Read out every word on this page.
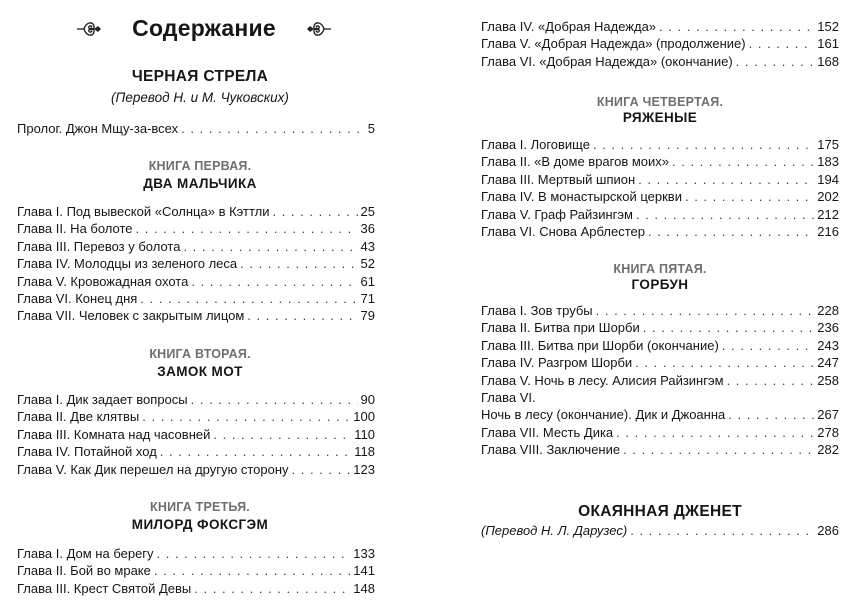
Содержание
ЧЕРНАЯ СТРЕЛА
(Перевод Н. и М. Чуковских)
Пролог. Джон Мщу-за-всех . . .	5
КНИГА ПЕРВАЯ.
ДВА МАЛЬЧИКА
Глава I. Под вывеской «Солнца» в Кэттли . . .	25
Глава II. На болоте . . .	36
Глава III. Перевоз у болота . . .	43
Глава IV. Молодцы из зеленого леса . . .	52
Глава V. Кровожадная охота . . .	61
Глава VI. Конец дня . . .	71
Глава VII. Человек с закрытым лицом . . .	79
КНИГА ВТОРАЯ.
ЗАМОК МОТ
Глава I. Дик задает вопросы . . .	90
Глава II. Две клятвы . . .	100
Глава III. Комната над часовней . . .	110
Глава IV. Потайной ход . . .	118
Глава V. Как Дик перешел на другую сторону . . .	123
КНИГА ТРЕТЬЯ.
МИЛОРД ФОКСГЭМ
Глава I. Дом на берегу . . .	133
Глава II. Бой во мраке . . .	141
Глава III. Крест Святой Девы . . .	148
Глава IV. «Добрая Надежда» . . .	152
Глава V. «Добрая Надежда» (продолжение) . . .	161
Глава VI. «Добрая Надежда» (окончание) . . .	168
КНИГА ЧЕТВЕРТАЯ.
РЯЖЕНЫЕ
Глава I. Логовище . . .	175
Глава II. «В доме врагов моих» . . .	183
Глава III. Мертвый шпион . . .	194
Глава IV. В монастырской церкви . . .	202
Глава V. Граф Райзингэм . . .	212
Глава VI. Снова Арблестер . . .	216
КНИГА ПЯТАЯ.
ГОРБУН
Глава I. Зов трубы . . .	228
Глава II. Битва при Шорби . . .	236
Глава III. Битва при Шорби (окончание) . . .	243
Глава IV. Разгром Шорби . . .	247
Глава V. Ночь в лесу. Алисия Райзингэм . . .	258
Глава VI.
Ночь в лесу (окончание). Дик и Джоанна . . .	267
Глава VII. Месть Дика . . .	278
Глава VIII. Заключение . . .	282
ОКАЯННАЯ ДЖЕНЕТ
(Перевод Н. Л. Дарузес) . . .	286
